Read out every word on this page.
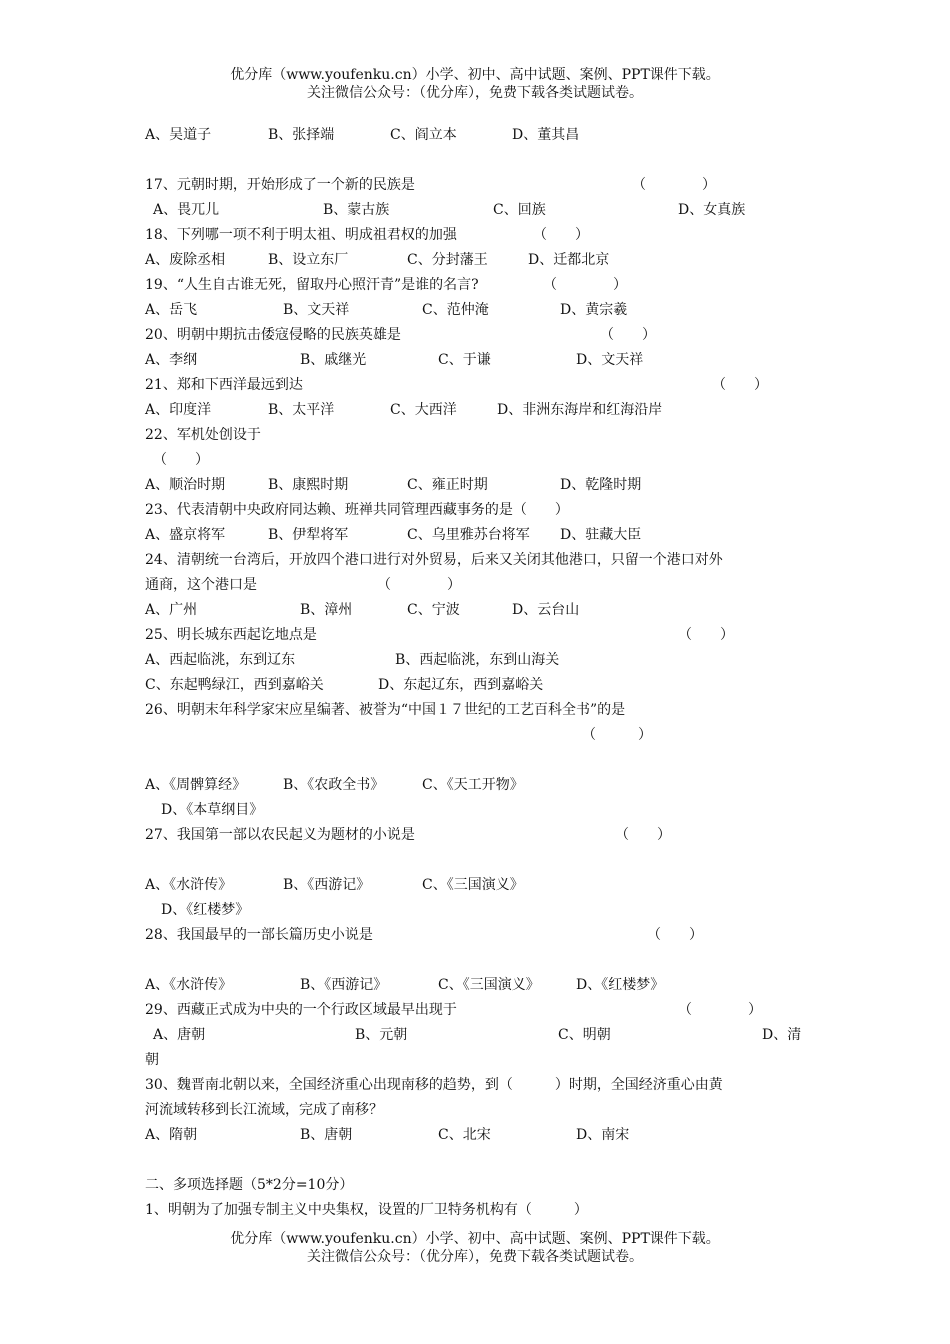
优分库（www.youfenku.cn）小学、初中、高中试题、案例、PPT课件下载。
关注微信公众号：（优分库），免费下载各类试题试卷。
A、吴道子	B、张择端	C、阎立本	D、董其昌
17、元朝时期，开始形成了一个新的民族是	（　　　　）
A、畏兀儿	B、蒙古族	C、回族	D、女真族
18、下列哪一项不利于明太祖、明成祖君权的加强	（　　）
A、废除丞相	B、设立东厂	C、分封藩王	D、迁都北京
19、“人生自古谁无死，留取丹心照汗青”是谁的名言?	（　　　　）
A、岳飞	B、文天祥	C、范仲淹	D、黄宗羲
20、明朝中期抗击倭寇侵略的民族英雄是	（　　）
A、李纲	B、戚继光	C、于谦	D、文天祥
21、郑和下西洋最远到达	（　　）
A、印度洋	B、太平洋	C、大西洋	D、非洲东海岸和红海沿岸
22、军机处创设于
（　　）
A、顺治时期	B、康熙时期	C、雍正时期	D、乾隆时期
23、代表清朝中央政府同达赖、班禅共同管理西藏事务的是（　　）
A、盛京将军	B、伊犁将军	C、乌里雅苏台将军 D、驻藏大臣
24、清朝统一台湾后，开放四个港口进行对外贸易，后来又关闭其他港口，只留一个港口对外
通商，这个港口是	（　　　　）
A、广州	B、漳州	C、宁波	D、云台山
25、明长城东西起讫地点是	（　　）
A、西起临洮，东到辽东	B、西起临洮，东到山海关
C、东起鸭绿江，西到嘉峪关	D、东起辽东，西到嘉峪关
26、明朝末年科学家宋应星编著、被誉为“中国１７世纪的工艺百科全书”的是
（　　　）
A、《周髀算经》	B、《农政全书》	C、《天工开物》
D、《本草纲目》
27、我国第一部以农民起义为题材的小说是	（　　）
A、《水浒传》	B、《西游记》	C、《三国演义》
D、《红楼梦》
28、我国最早的一部长篇历史小说是	（　　）
A、《水浒传》	B、《西游记》	C、《三国演义》	D、《红楼梦》
29、西藏正式成为中央的一个行政区域最早出现于	（　　　　）
A、唐朝	B、元朝	C、明朝	D、清
朝
30、魏晋南北朝以来，全国经济重心出现南移的趋势，到（　　　）时期，全国经济重心由黄
河流域转移到长江流域，完成了南移？
A、隋朝	B、唐朝	C、北宋	D、南宋
二、多项选择题（5*2分=10分）
1、明朝为了加强专制主义中央集权，设置的厂卫特务机构有（　　　）
优分库（www.youfenku.cn）小学、初中、高中试题、案例、PPT课件下载。
关注微信公众号：（优分库），免费下载各类试题试卷。
